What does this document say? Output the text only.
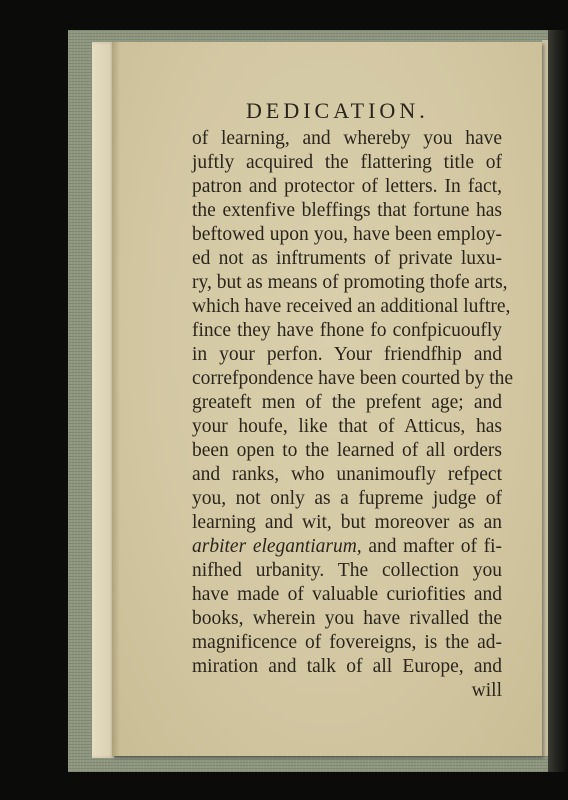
DEDICATION.
of learning, and whereby you have
juftly acquired the flattering title of
patron and protector of letters. In fact,
the extenfive bleffings that fortune has
beftowed upon you, have been employ-
ed not as inftruments of private luxu-
ry, but as means of promoting thofe arts,
which have received an additional luftre,
fince they have fhone fo confpicuoufly
in your perfon. Your friendfhip and
correfpondence have been courted by the
greateft men of the prefent age; and
your houfe, like that of Atticus, has
been open to the learned of all orders
and ranks, who unanimoufly refpect
you, not only as a fupreme judge of
learning and wit, but moreover as an
arbiter elegantiarum, and mafter of fi-
nifhed urbanity. The collection you
have made of valuable curiofities and
books, wherein you have rivalled the
magnificence of fovereigns, is the ad-
miration and talk of all Europe, and
will
